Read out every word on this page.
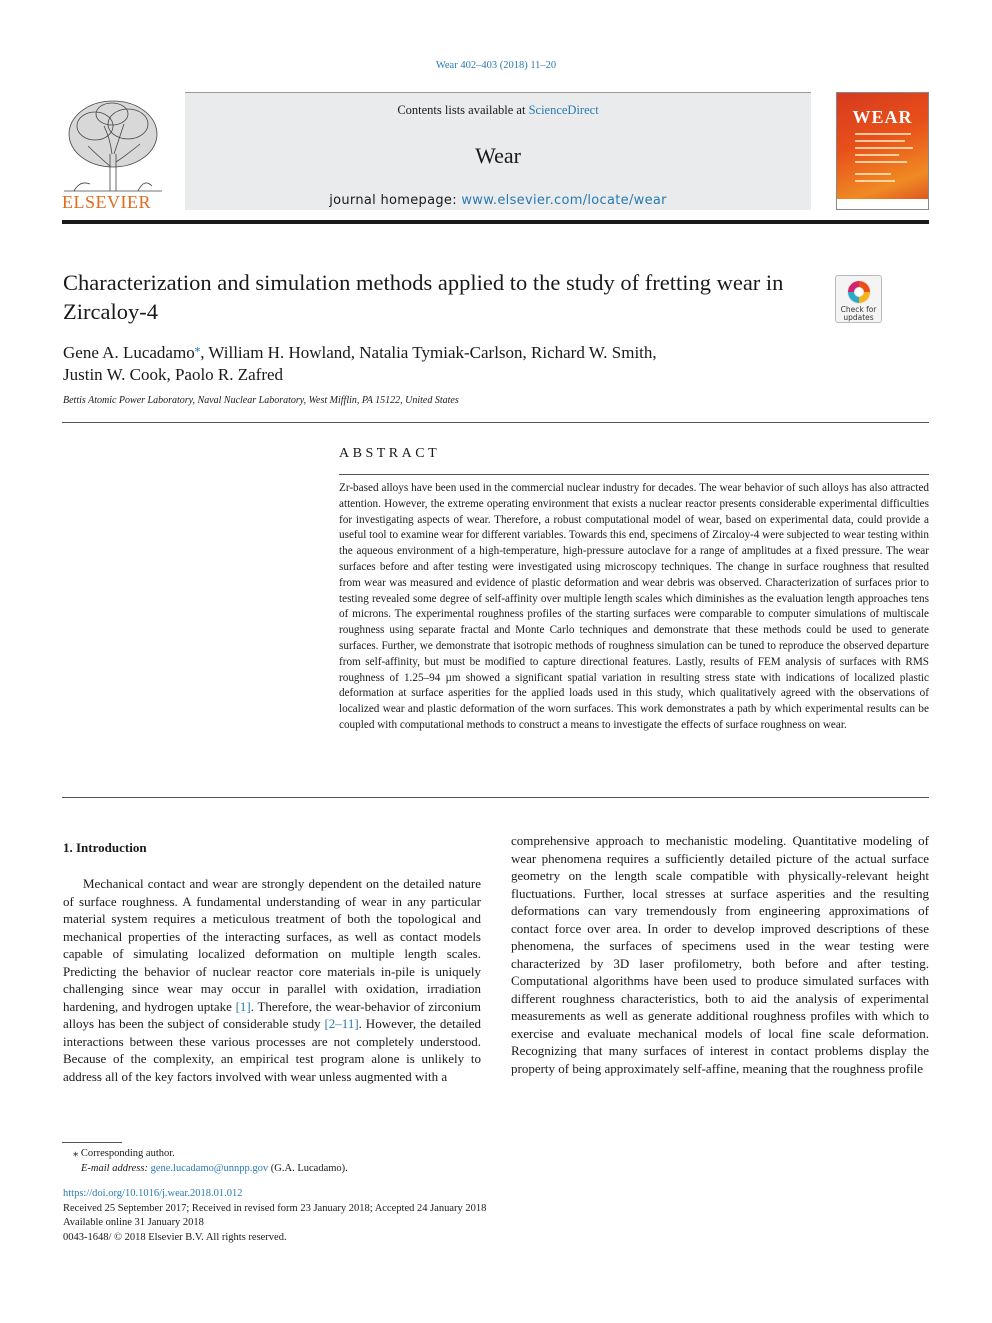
Wear 402–403 (2018) 11–20
ELSEVIER
Contents lists available at ScienceDirect
Wear
journal homepage: www.elsevier.com/locate/wear
WEAR
Characterization and simulation methods applied to the study of fretting wear in Zircaloy-4	Check for
updates
Gene A. Lucadamo⁎, William H. Howland, Natalia Tymiak-Carlson, Richard W. Smith,
Justin W. Cook, Paolo R. Zafred
Bettis Atomic Power Laboratory, Naval Nuclear Laboratory, West Mifflin, PA 15122, United States
ABSTRACT

Zr-based alloys have been used in the commercial nuclear industry for decades. The wear behavior of such alloys has also attracted attention. However, the extreme operating environment that exists a nuclear reactor presents considerable experimental difficulties for investigating aspects of wear. Therefore, a robust computational model of wear, based on experimental data, could provide a useful tool to examine wear for different variables. Towards this end, specimens of Zircaloy-4 were subjected to wear testing within the aqueous environment of a high-temperature, high-pressure autoclave for a range of amplitudes at a fixed pressure. The wear surfaces before and after testing were investigated using microscopy techniques. The change in surface roughness that resulted from wear was measured and evidence of plastic deformation and wear debris was observed. Characterization of surfaces prior to testing revealed some degree of self-affinity over multiple length scales which diminishes as the evaluation length approaches tens of microns. The experimental roughness profiles of the starting surfaces were comparable to computer simulations of multiscale roughness using separate fractal and Monte Carlo techniques and demonstrate that these methods could be used to generate surfaces. Further, we demonstrate that isotropic methods of roughness simulation can be tuned to reproduce the observed departure from self-affinity, but must be modified to capture directional features. Lastly, results of FEM analysis of surfaces with RMS roughness of 1.25–94 µm showed a significant spatial variation in resulting stress state with indications of localized plastic deformation at surface asperities for the applied loads used in this study, which qualitatively agreed with the observations of localized wear and plastic deformation of the worn surfaces. This work demonstrates a path by which experimental results can be coupled with computational methods to construct a means to investigate the effects of surface roughness on wear.

1. Introduction

Mechanical contact and wear are strongly dependent on the detailed nature of surface roughness. A fundamental understanding of wear in any particular material system requires a meticulous treatment of both the topological and mechanical properties of the interacting surfaces, as well as contact models capable of simulating localized deformation on multiple length scales. Predicting the behavior of nuclear reactor core materials in-pile is uniquely challenging since wear may occur in parallel with oxidation, irradiation hardening, and hydrogen uptake [1]. Therefore, the wear-behavior of zirconium alloys has been the subject of considerable study [2–11]. However, the detailed interactions between these various processes are not completely understood. Because of the complexity, an empirical test program alone is unlikely to address all of the key factors involved with wear unless augmented with a

comprehensive approach to mechanistic modeling. Quantitative modeling of wear phenomena requires a sufficiently detailed picture of the actual surface geometry on the length scale compatible with physically-relevant height fluctuations. Further, local stresses at surface asperities and the resulting deformations can vary tremendously from engineering approximations of contact force over area. In order to develop improved descriptions of these phenomena, the surfaces of specimens used in the wear testing were characterized by 3D laser profilometry, both before and after testing. Computational algorithms have been used to produce simulated surfaces with different roughness characteristics, both to aid the analysis of experimental measurements as well as generate additional roughness profiles with which to exercise and evaluate mechanical models of local fine scale deformation. Recognizing that many surfaces of interest in contact problems display the property of being approximately self-affine, meaning that the roughness profile

⁎ Corresponding author.
E-mail address: gene.lucadamo@unnpp.gov (G.A. Lucadamo).
https://doi.org/10.1016/j.wear.2018.01.012
Received 25 September 2017; Received in revised form 23 January 2018; Accepted 24 January 2018
Available online 31 January 2018
0043-1648/ © 2018 Elsevier B.V. All rights reserved.
